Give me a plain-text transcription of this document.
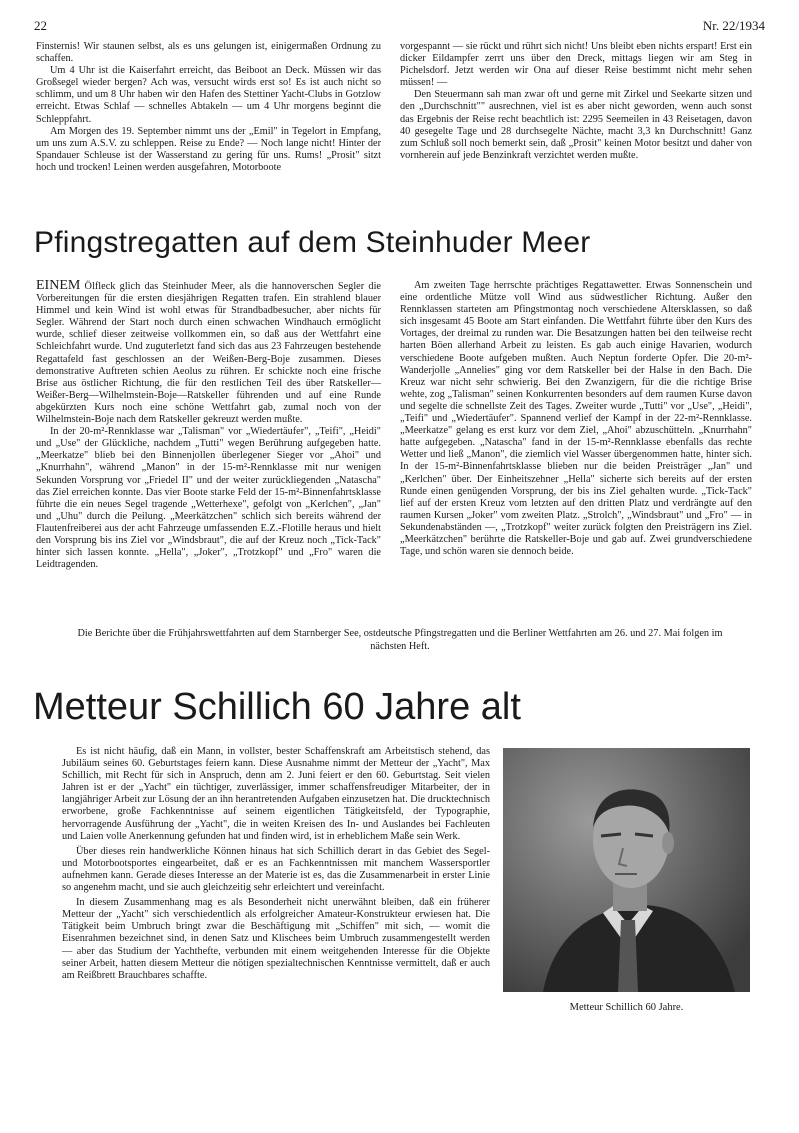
22	Nr. 22/1934

Finsternis! Wir staunen selbst, als es uns gelungen ist, einigermaßen Ordnung zu schaffen.

Um 4 Uhr ist die Kaiserfahrt erreicht, das Beiboot an Deck. Müssen wir das Großsegel wieder bergen? Ach was, versucht wirds erst so! Es ist auch nicht so schlimm, und um 8 Uhr haben wir den Hafen des Stettiner Yacht-Clubs in Gotzlow erreicht. Etwas Schlaf — schnelles Abtakeln — um 4 Uhr morgens beginnt die Schleppfahrt.

Am Morgen des 19. September nimmt uns der „Emil" in Tegelort in Empfang, um uns zum A.S.V. zu schleppen. Reise zu Ende? — Noch lange nicht! Hinter der Spandauer Schleuse ist der Wasserstand zu gering für uns. Rums! „Prosit" sitzt hoch und trocken! Leinen werden ausgefahren, Motorboote

vorgespannt — sie rückt und rührt sich nicht! Uns bleibt eben nichts erspart! Erst ein dicker Eildampfer zerrt uns über den Dreck, mittags liegen wir am Steg in Pichelsdorf. Jetzt werden wir Ona auf dieser Reise bestimmt nicht mehr sehen müssen! —

Den Steuermann sah man zwar oft und gerne mit Zirkel und Seekarte sitzen und den „Durchschnitt"" ausrechnen, viel ist es aber nicht geworden, wenn auch sonst das Ergebnis der Reise recht beachtlich ist: 2295 Seemeilen in 43 Reisetagen, davon 40 gesegelte Tage und 28 durchsegelte Nächte, macht 3,3 kn Durchschnitt! Ganz zum Schluß soll noch bemerkt sein, daß „Prosit" keinen Motor besitzt und daher von vornherein auf jede Benzinkraft verzichtet werden mußte.

Pfingstregatten auf dem Steinhuder Meer

EINEM Ölfleck glich das Steinhuder Meer, als die hannoverschen Segler die Vorbereitungen für die ersten diesjährigen Regatten trafen. Ein strahlend blauer Himmel und kein Wind ist wohl etwas für Strandbadbesucher, aber nichts für Segler. Während der Start noch durch einen schwachen Windhauch ermöglicht wurde, schlief dieser zeitweise vollkommen ein, so daß aus der Wettfahrt eine Schleichfahrt wurde. Und zuguterletzt fand sich das aus 23 Fahrzeugen bestehende Regattafeld fast geschlossen an der Weißen-Berg-Boje zusammen. Dieses demonstrative Auftreten schien Aeolus zu rühren. Er schickte noch eine frische Brise aus östlicher Richtung, die für den restlichen Teil des über Ratskeller—Weißer-Berg—Wilhelmstein-Boje—Ratskeller führenden und auf eine Runde abgekürzten Kurs noch eine schöne Wettfahrt gab, zumal noch von der Wilhelmstein-Boje nach dem Ratskeller gekreuzt werden mußte.

In der 20-m²-Rennklasse war „Talisman" vor „Wiedertäufer", „Teifi", „Heidi" und „Use" der Glückliche, nachdem „Tutti" wegen Berührung aufgegeben hatte. „Meerkatze" blieb bei den Binnenjollen überlegener Sieger vor „Ahoi" und „Knurrhahn", während „Manon" in der 15-m²-Rennklasse mit nur wenigen Sekunden Vorsprung vor „Friedel II" und der weiter zurückliegenden „Natascha" das Ziel erreichen konnte. Das vier Boote starke Feld der 15-m²-Binnenfahrtsklasse führte die ein neues Segel tragende „Wetterhexe", gefolgt von „Kerlchen", „Jan" und „Uhu" durch die Peilung. „Meerkätzchen" schlich sich bereits während der Flautenfreiberei aus der acht Fahrzeuge umfassenden E.Z.-Flotille heraus und hielt den Vorsprung bis ins Ziel vor „Windsbraut", die auf der Kreuz noch „Tick-Tack" hinter sich lassen konnte. „Hella", „Joker", „Trotzkopf" und „Fro" waren die Leidtragenden.

Am zweiten Tage herrschte prächtiges Regattawetter. Etwas Sonnenschein und eine ordentliche Mütze voll Wind aus südwestlicher Richtung. Außer den Rennklassen starteten am Pfingstmontag noch verschiedene Altersklassen, so daß sich insgesamt 45 Boote am Start einfanden. Die Wettfahrt führte über den Kurs des Vortages, der dreimal zu runden war. Die Besatzungen hatten bei den teilweise recht harten Böen allerhand Arbeit zu leisten. Es gab auch einige Havarien, wodurch verschiedene Boote aufgeben mußten. Auch Neptun forderte Opfer. Die 20-m²-Wanderjolle „Annelies" ging vor dem Ratskeller bei der Halse in den Bach. Die Kreuz war nicht sehr schwierig. Bei den Zwanzigern, für die die richtige Brise wehte, zog „Talisman" seinen Konkurrenten besonders auf dem raumen Kurse davon und segelte die schnellste Zeit des Tages. Zweiter wurde „Tutti" vor „Use", „Heidi", „Teifi" und „Wiedertäufer". Spannend verlief der Kampf in der 22-m²-Rennklasse. „Meerkatze" gelang es erst kurz vor dem Ziel, „Ahoi" abzuschütteln. „Knurrhahn" hatte aufgegeben. „Natascha" fand in der 15-m²-Rennklasse ebenfalls das rechte Wetter und ließ „Manon", die ziemlich viel Wasser übergenommen hatte, hinter sich. In der 15-m²-Binnenfahrtsklasse blieben nur die beiden Preisträger „Jan" und „Kerlchen" über. Der Einheitszehner „Hella" sicherte sich bereits auf der ersten Runde einen genügenden Vorsprung, der bis ins Ziel gehalten wurde. „Tick-Tack" lief auf der ersten Kreuz vom letzten auf den dritten Platz und verdrängte auf den raumen Kursen „Joker" vom zweiten Platz. „Strolch", „Windsbraut" und „Fro" — in Sekundenabständen —, „Trotzkopf" weiter zurück folgten den Preisträgern ins Ziel. „Meerkätzchen" berührte die Ratskeller-Boje und gab auf. Zwei grundverschiedene Tage, und schön waren sie dennoch beide.

Die Berichte über die Frühjahrswettfahrten auf dem Starnberger See, ostdeutsche Pfingstregatten und die Berliner Wettfahrten am 26. und 27. Mai folgen im nächsten Heft.
Metteur Schillich 60 Jahre alt

Es ist nicht häufig, daß ein Mann, in vollster, bester Schaffenskraft am Arbeitstisch stehend, das Jubiläum seines 60. Geburtstages feiern kann. Diese Ausnahme nimmt der Metteur der „Yacht", Max Schillich, mit Recht für sich in Anspruch, denn am 2. Juni feiert er den 60. Geburtstag. Seit vielen Jahren ist er der „Yacht" ein tüchtiger, zuverlässiger, immer schaffensfreudiger Mitarbeiter, der in langjähriger Arbeit zur Lösung der an ihn herantretenden Aufgaben einzusetzen hat. Die drucktechnisch erworbene, große Fachkenntnisse auf seinem eigentlichen Tätigkeitsfeld, der Typographie, hervorragende Ausführung der „Yacht", die in weiten Kreisen des In- und Auslandes bei Fachleuten und Laien volle Anerkennung gefunden hat und finden wird, ist in erheblichem Maße sein Werk.

Über dieses rein handwerkliche Können hinaus hat sich Schillich derart in das Gebiet des Segel- und Motorbootsportes eingearbeitet, daß er es an Fachkenntnissen mit manchem Wassersportler aufnehmen kann. Gerade dieses Interesse an der Materie ist es, das die Zusammenarbeit in erster Linie so angenehm macht, und sie auch gleichzeitig sehr erleichtert und vereinfacht.

In diesem Zusammenhang mag es als Besonderheit nicht unerwähnt bleiben, daß ein früherer Metteur der „Yacht" sich verschiedentlich als erfolgreicher Amateur-Konstrukteur erwiesen hat. Die Tätigkeit beim Umbruch bringt zwar die Beschäftigung mit „Schiffen" mit sich, — womit die Eisenrahmen bezeichnet sind, in denen Satz und Klischees beim Umbruch zusammengestellt werden — aber das Studium der Yachthefte, verbunden mit einem weitgehenden Interesse für die Objekte seiner Arbeit, hatten diesem Metteur die nötigen spezialtechnischen Kenntnisse vermittelt, daß er auch am Reißbrett Brauchbares schaffte.

Metteur Schillich 60 Jahre.
